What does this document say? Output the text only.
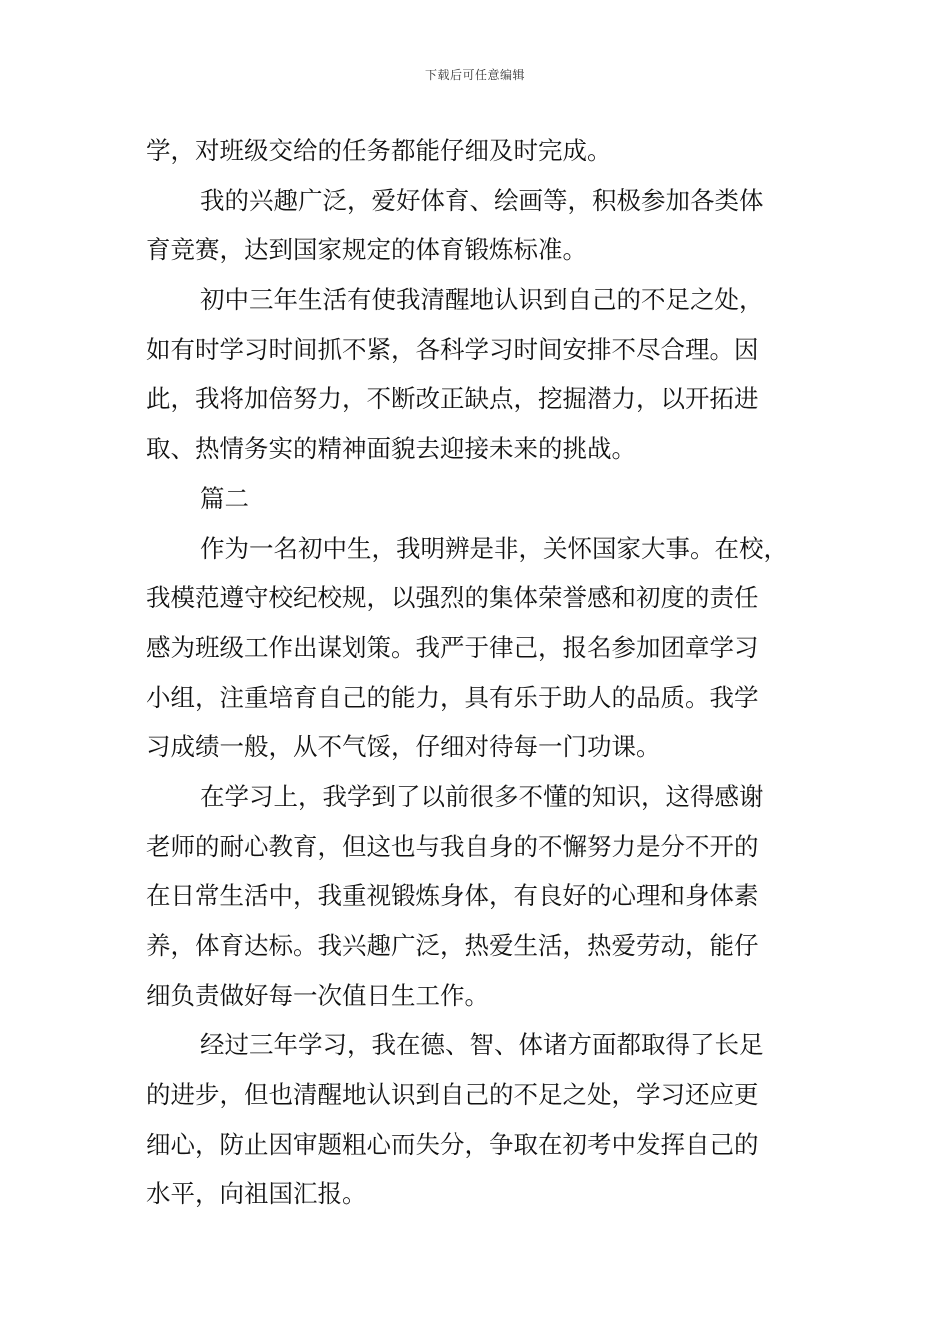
下载后可任意编辑
学，对班级交给的任务都能仔细及时完成。
我的兴趣广泛，爱好体育、绘画等，积极参加各类体
育竞赛，达到国家规定的体育锻炼标准。
初中三年生活有使我清醒地认识到自己的不足之处，
如有时学习时间抓不紧，各科学习时间安排不尽合理。因
此，我将加倍努力，不断改正缺点，挖掘潜力，以开拓进
取、热情务实的精神面貌去迎接未来的挑战。
篇二
作为一名初中生，我明辨是非，关怀国家大事。在校，
我模范遵守校纪校规，以强烈的集体荣誉感和初度的责任
感为班级工作出谋划策。我严于律己，报名参加团章学习
小组，注重培育自己的能力，具有乐于助人的品质。我学
习成绩一般，从不气馁，仔细对待每一门功课。
在学习上，我学到了以前很多不懂的知识，这得感谢
老师的耐心教育，但这也与我自身的不懈努力是分不开的
在日常生活中，我重视锻炼身体，有良好的心理和身体素
养，体育达标。我兴趣广泛，热爱生活，热爱劳动，能仔
细负责做好每一次值日生工作。
经过三年学习，我在德、智、体诸方面都取得了长足
的进步，但也清醒地认识到自己的不足之处，学习还应更
细心，防止因审题粗心而失分，争取在初考中发挥自己的
水平，向祖国汇报。
